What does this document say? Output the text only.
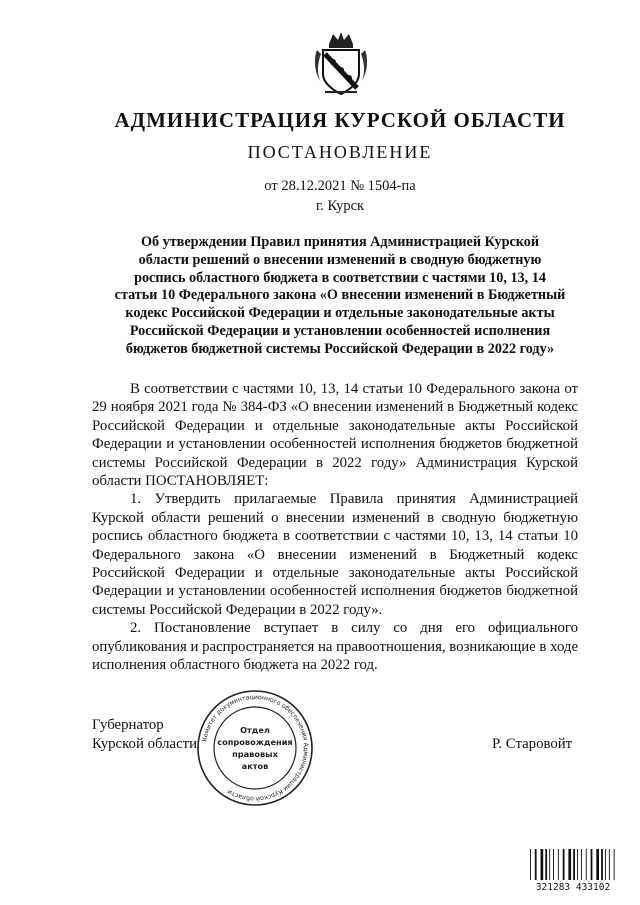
АДМИНИСТРАЦИЯ КУРСКОЙ ОБЛАСТИ
ПОСТАНОВЛЕНИЕ
от 28.12.2021 № 1504-па
г. Курск
Об утверждении Правил принятия Администрацией Курской
области решений о внесении изменений в сводную бюджетную
роспись областного бюджета в соответствии с частями 10, 13, 14
статьи 10 Федерального закона «О внесении изменений в Бюджетный
кодекс Российской Федерации и отдельные законодательные акты
Российской Федерации и установлении особенностей исполнения
бюджетов бюджетной системы Российской Федерации в 2022 году»

В соответствии с частями 10, 13, 14 статьи 10 Федерального закона от 29 ноября 2021 года № 384-ФЗ «О внесении изменений в Бюджетный кодекс Российской Федерации и отдельные законодательные акты Российской Федерации и установлении особенностей исполнения бюджетов бюджетной системы Российской Федерации в 2022 году» Администрация Курской области ПОСТАНОВЛЯЕТ:

1. Утвердить прилагаемые Правила принятия Администрацией Курской области решений о внесении изменений в сводную бюджетную роспись областного бюджета в соответствии с частями 10, 13, 14 статьи 10 Федерального закона «О внесении изменений в Бюджетный кодекс Российской Федерации и отдельные законодательные акты Российской Федерации и установлении особенностей исполнения бюджетов бюджетной системы Российской Федерации в 2022 году».

2. Постановление вступает в силу со дня его официального опубликования и распространяется на правоотношения, возникающие в ходе исполнения областного бюджета на 2022 год.

Губернатор
Курской области	Р. Старовойт
Комитет документационного обеспечения Администрации Курской области
Отдел
сопровождения
правовых
актов
321283 433102
